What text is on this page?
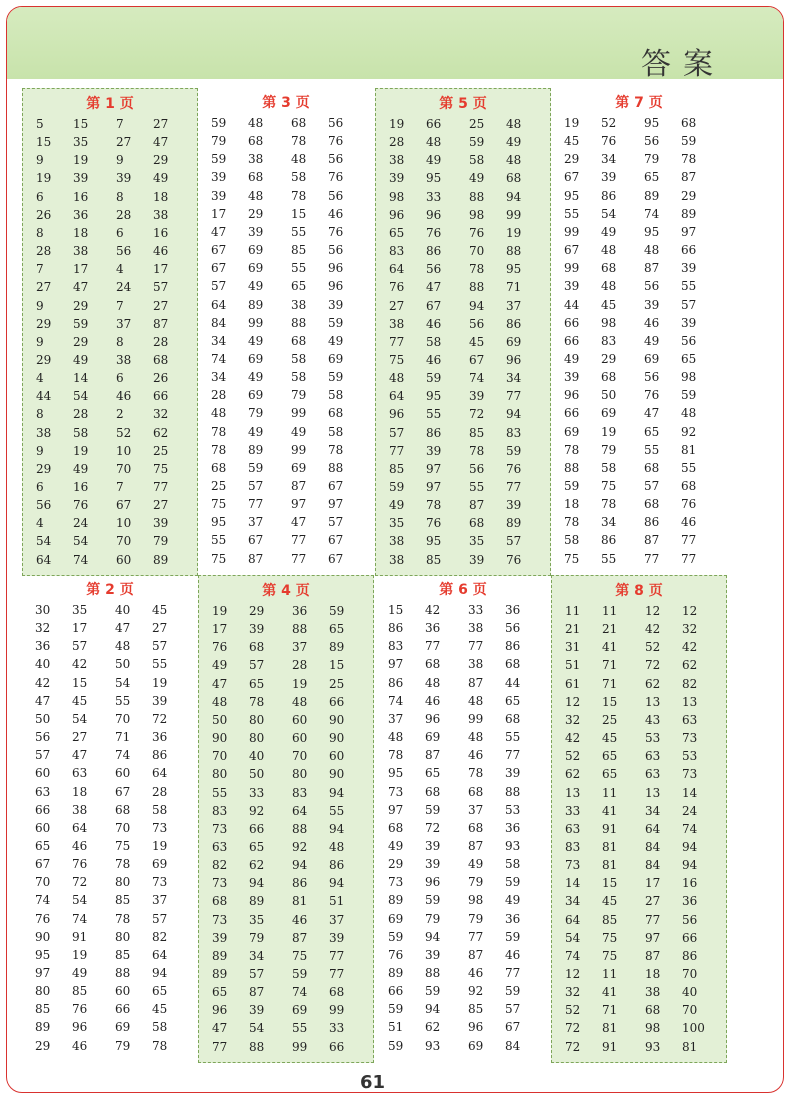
答案
第 1 页
5	15	7	27
15	35	27	47
9	19	9	29
19	39	39	49
6	16	8	18
26	36	28	38
8	18	6	16
28	38	56	46
7	17	4	17
27	47	24	57
9	29	7	27
29	59	37	87
9	29	8	28
29	49	38	68
4	14	6	26
44	54	46	66
8	28	2	32
38	58	52	62
9	19	10	25
29	49	70	75
6	16	7	77
56	76	67	27
4	24	10	39
54	54	70	79
64	74	60	89
第 3 页
59	48	68	56
79	68	78	76
59	38	48	56
39	68	58	76
39	48	78	56
17	29	15	46
47	39	55	76
67	69	85	56
67	69	55	96
57	49	65	96
64	89	38	39
84	99	88	59
34	49	68	49
74	69	58	69
34	49	58	59
28	69	79	58
48	79	99	68
78	49	49	58
78	89	99	78
68	59	69	88
25	57	87	67
75	77	97	97
95	37	47	57
55	67	77	67
75	87	77	67
第 5 页
19	66	25	48
28	48	59	49
38	49	58	48
39	95	49	68
98	33	88	94
96	96	98	99
65	76	76	19
83	86	70	88
64	56	78	95
76	47	88	71
27	67	94	37
38	46	56	86
77	58	45	69
75	46	67	96
48	59	74	34
64	95	39	77
96	55	72	94
57	86	85	83
77	39	78	59
85	97	56	76
59	97	55	77
49	78	87	39
35	76	68	89
38	95	35	57
38	85	39	76
第 7 页
19	52	95	68
45	76	56	59
29	34	79	78
67	39	65	87
95	86	89	29
55	54	74	89
99	49	95	97
67	48	48	66
99	68	87	39
39	48	56	55
44	45	39	57
66	98	46	39
66	83	49	56
49	29	69	65
39	68	56	98
96	50	76	59
66	69	47	48
69	19	65	92
78	79	55	81
88	58	68	55
59	75	57	68
18	78	68	76
78	34	86	46
58	86	87	77
75	55	77	77
第 2 页
30	35	40	45
32	17	47	27
36	57	48	57
40	42	50	55
42	15	54	19
47	45	55	39
50	54	70	72
56	27	71	36
57	47	74	86
60	63	60	64
63	18	67	28
66	38	68	58
60	64	70	73
65	46	75	19
67	76	78	69
70	72	80	73
74	54	85	37
76	74	78	57
90	91	80	82
95	19	85	64
97	49	88	94
80	85	60	65
85	76	66	45
89	96	69	58
29	46	79	78
第 4 页
19	29	36	59
17	39	88	65
76	68	37	89
49	57	28	15
47	65	19	25
48	78	48	66
50	80	60	90
90	80	60	90
70	40	70	60
80	50	80	90
55	33	83	94
83	92	64	55
73	66	88	94
63	65	92	48
82	62	94	86
73	94	86	94
68	89	81	51
73	35	46	37
39	79	87	39
89	34	75	77
89	57	59	77
65	87	74	68
96	39	69	99
47	54	55	33
77	88	99	66
第 6 页
15	42	33	36
86	36	38	56
83	77	77	86
97	68	38	68
86	48	87	44
74	46	48	65
37	96	99	68
48	69	48	55
78	87	46	77
95	65	78	39
73	68	68	88
97	59	37	53
68	72	68	36
49	39	87	93
29	39	49	58
73	96	79	59
89	59	98	49
69	79	79	36
59	94	77	59
76	39	87	46
89	88	46	77
66	59	92	59
59	94	85	57
51	62	96	67
59	93	69	84
第 8 页
11	11	12	12
21	21	42	32
31	41	52	42
51	71	72	62
61	71	62	82
12	15	13	13
32	25	43	63
42	45	53	73
52	65	63	53
62	65	63	73
13	11	13	14
33	41	34	24
63	91	64	74
83	81	84	94
73	81	84	94
14	15	17	16
34	45	27	36
64	85	77	56
54	75	97	66
74	75	87	86
12	11	18	70
32	41	38	40
52	71	68	70
72	81	98	100
72	91	93	81
61
